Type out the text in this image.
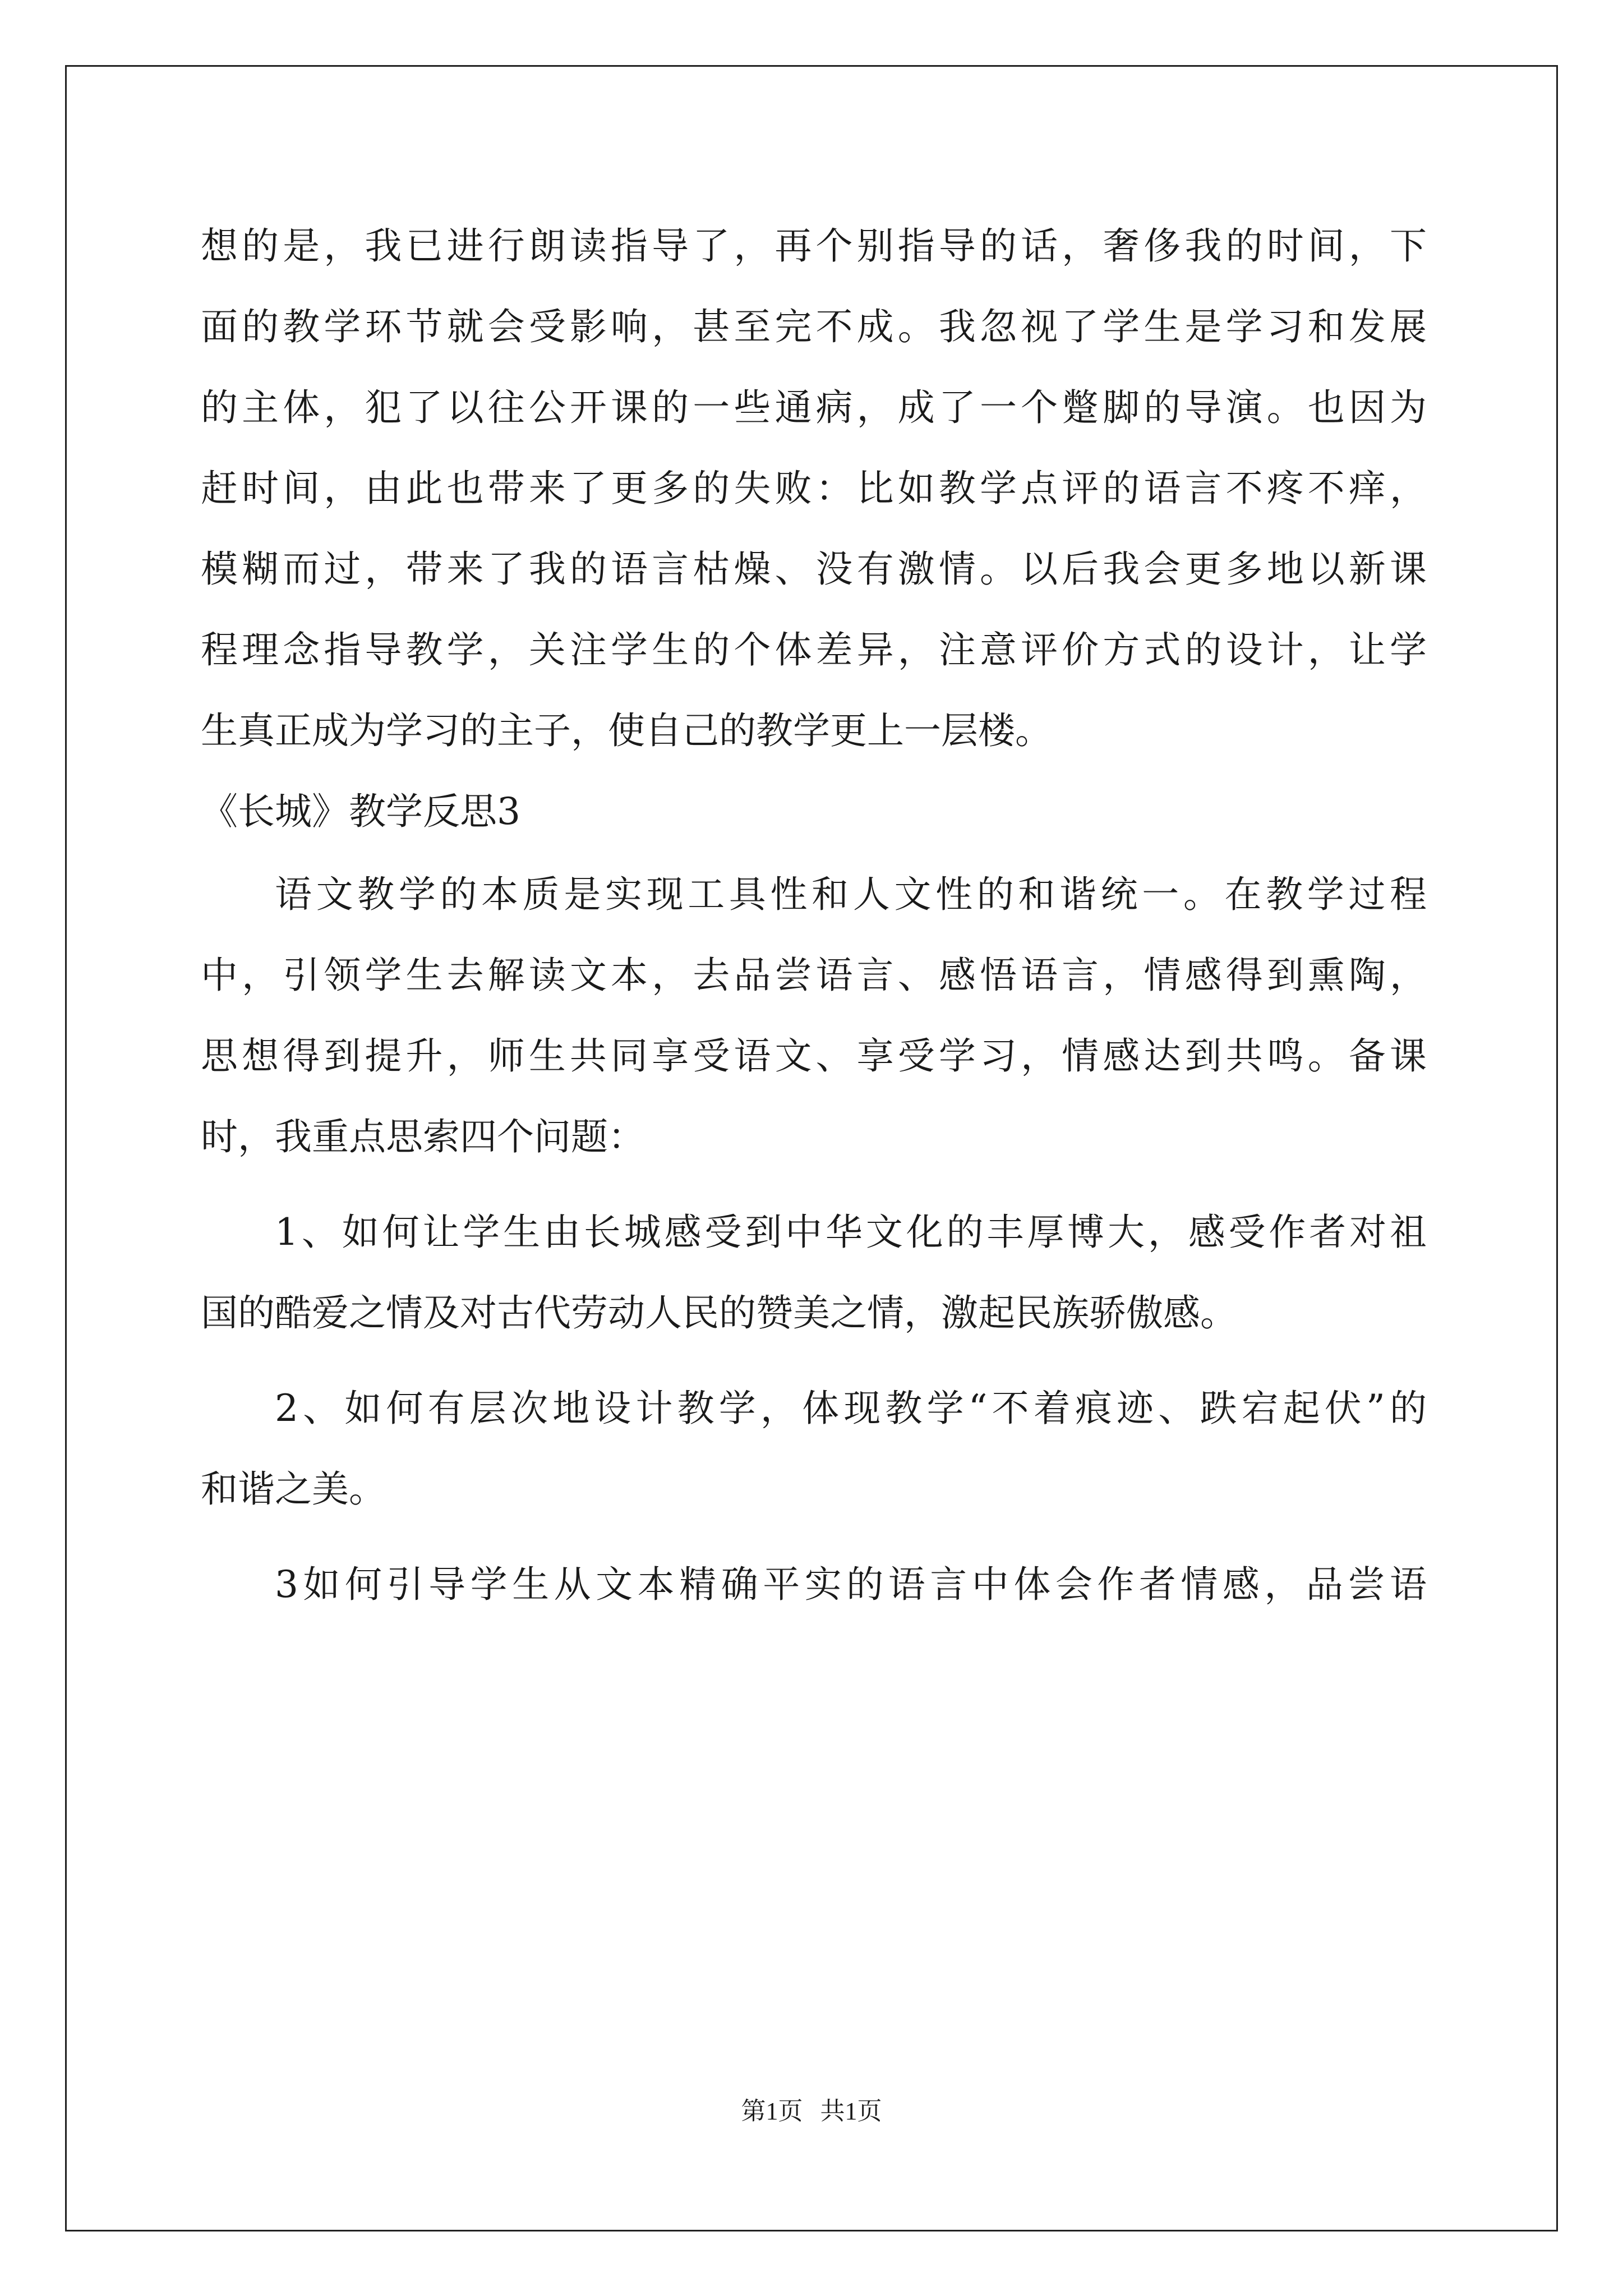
想的是，我已进行朗读指导了，再个别指导的话，奢侈我的时间，下
面的教学环节就会受影响，甚至完不成。我忽视了学生是学习和发展
的主体，犯了以往公开课的一些通病，成了一个蹩脚的导演。也因为
赶时间，由此也带来了更多的失败：比如教学点评的语言不疼不痒，
模糊而过，带来了我的语言枯燥、没有激情。以后我会更多地以新课
程理念指导教学，关注学生的个体差异，注意评价方式的设计，让学
生真正成为学习的主子，使自己的教学更上一层楼。
《长城》教学反思3
语文教学的本质是实现工具性和人文性的和谐统一。在教学过程
中，引领学生去解读文本，去品尝语言、感悟语言，情感得到熏陶，
思想得到提升，师生共同享受语文、享受学习，情感达到共鸣。备课
时，我重点思索四个问题：
1、如何让学生由长城感受到中华文化的丰厚博大，感受作者对祖
国的酷爱之情及对古代劳动人民的赞美之情，激起民族骄傲感。
2、如何有层次地设计教学，体现教学“不着痕迹、跌宕起伏”的
和谐之美。
3如何引导学生从文本精确平实的语言中体会作者情感，品尝语
第1页 共1页
